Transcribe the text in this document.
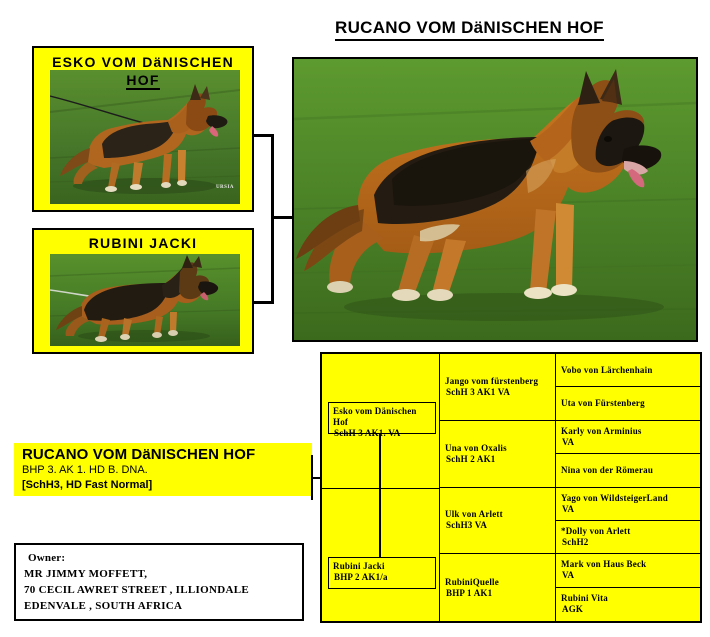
RUCANO VOM DäNISCHEN HOF
ESKO VOM DäNISCHEN
URSIA
HOF
RUBINI JACKI
RUCANO VOM DäNISCHEN HOF
BHP 3. AK 1. HD B. DNA.
[SchH3, HD Fast Normal]
Owner:
MR JIMMY MOFFETT,
70 CECIL AWRET STREET , ILLIONDALE
EDENVALE , SOUTH AFRICA
Esko vom Dänischen Hof
SchH 3 AK1. VA
Rubini Jacki
BHP 2 AK1/a
Jango vom fürstenberg
SchH 3 AK1 VA
Una von Oxalis
SchH 2 AK1
Ulk von Arlett
SchH3 VA
RubiniQuelle
BHP 1 AK1
Vobo von Lärchenhain
Uta von Fürstenberg
Karly von Arminius
VA
Nina von der Römerau
Yago von WildsteigerLand
VA
*Dolly von Arlett
SchH2
Mark von Haus Beck
VA
Rubini Vita
AGK
